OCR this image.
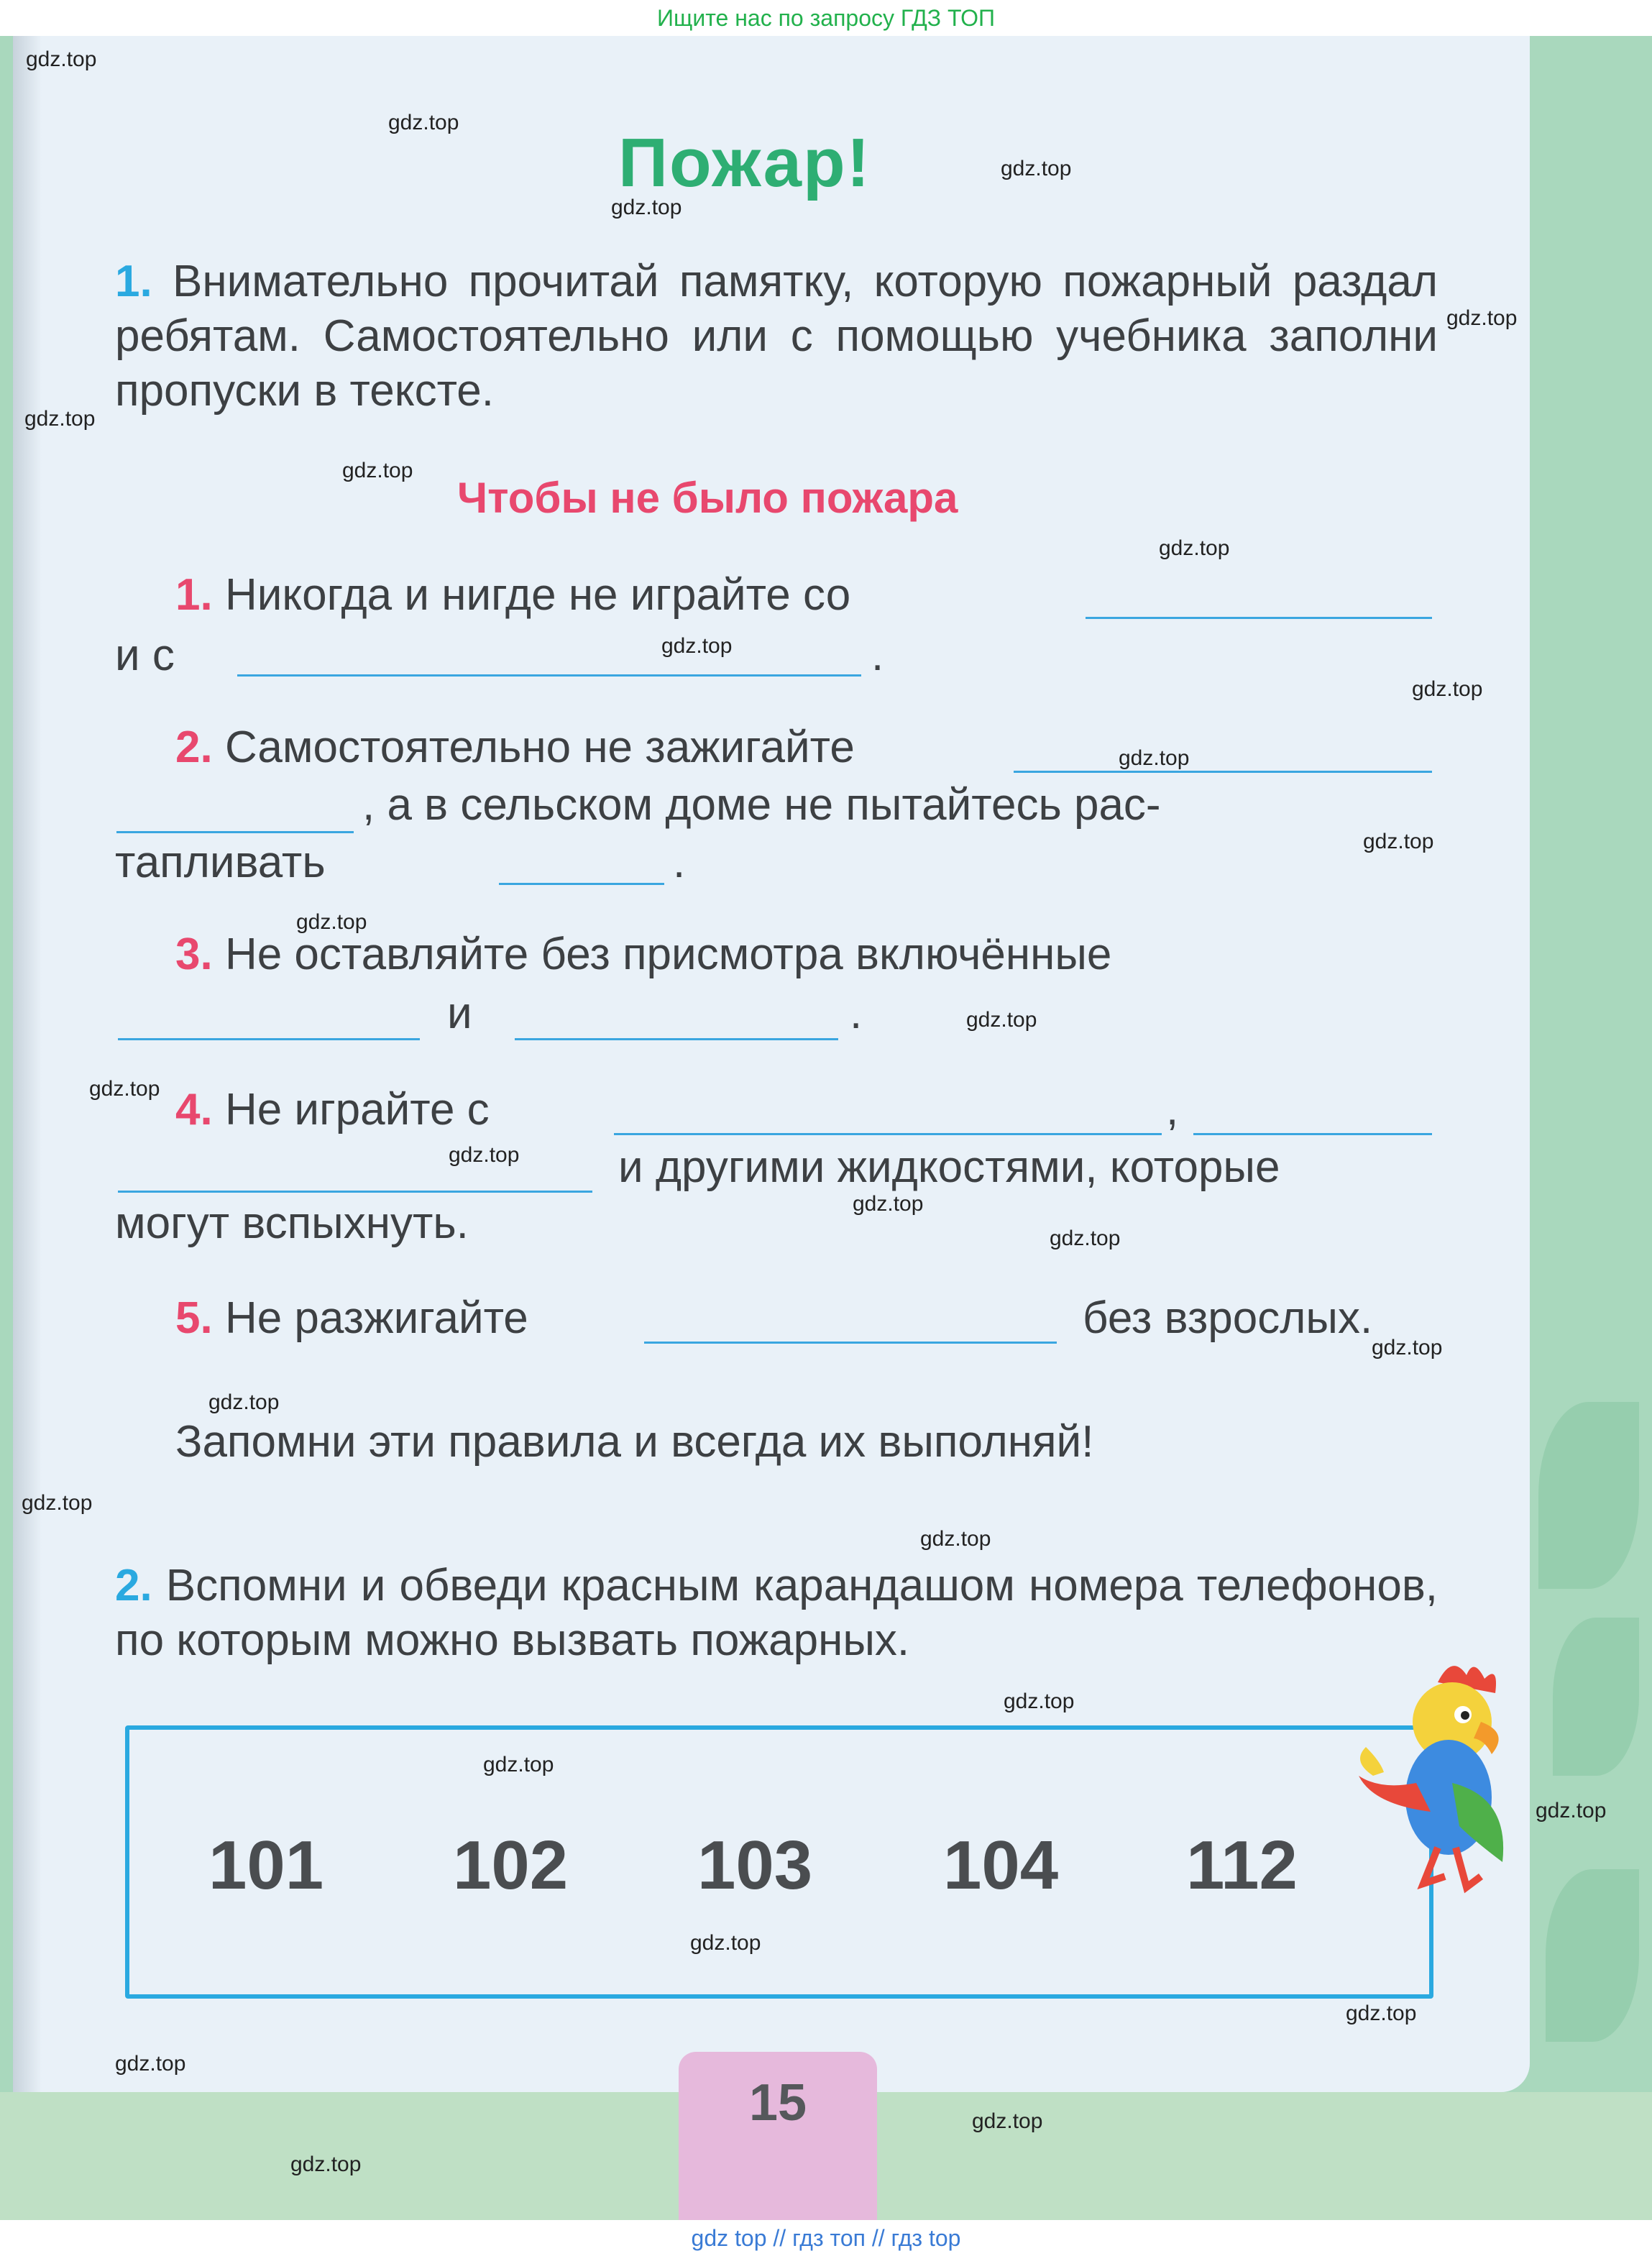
Ищите нас по запросу ГДЗ ТОП
Пожар!
1. Внимательно прочитай памятку, которую пожарный раздал ребятам. Самостоятельно или с помощью учебника заполни пропуски в тексте.
Чтобы не было пожара
1. Никогда и нигде не играйте со
и с	.
2. Самостоятельно не зажигайте
, а в сельском доме не пытайтесь рас-
тапливать	.
3. Не оставляйте без присмотра включённые
и	.
4. Не играйте с	,
и другими жидкостями, которые
могут вспыхнуть.
5. Не разжигайте	без взрослых.
Запомни эти правила и всегда их выполняй!
2. Вспомни и обведи красным карандашом номера телефонов, по которым можно вызвать пожарных.
101 102 103 104 112
15
gdz.top
gdz.top
gdz.top
gdz.top
gdz.top
gdz.top
gdz.top
gdz.top
gdz.top
gdz.top
gdz.top
gdz.top
gdz.top
gdz.top
gdz.top
gdz.top
gdz.top
gdz.top
gdz.top
gdz.top
gdz.top
gdz.top
gdz.top
gdz.top
gdz.top
gdz.top
gdz.top
gdz.top
gdz.top
gdz.top
gdz top // гдз топ // гдз top
